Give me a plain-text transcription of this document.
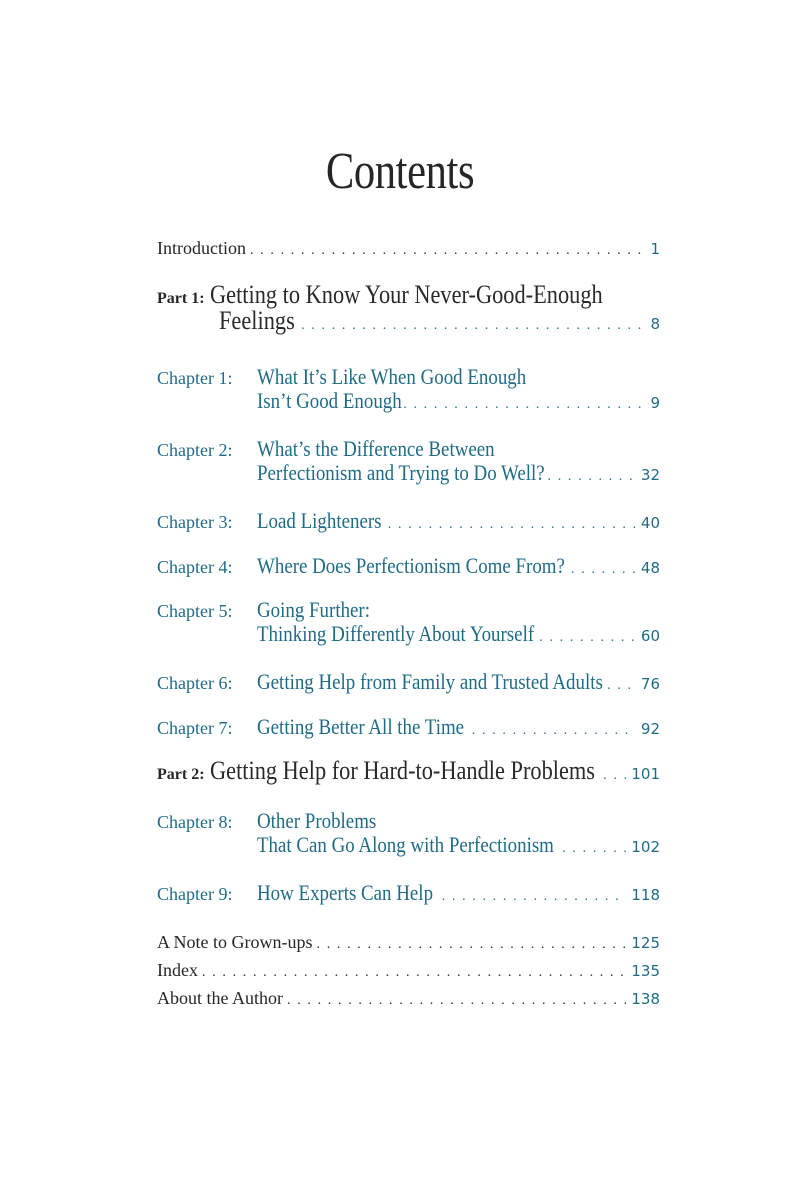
Contents
Introduction . . .	1
Part 1: Getting to Know Your Never-Good-Enough
Feelings . . .	8
Chapter 1:	What It’s Like When Good Enough
Isn’t Good Enough . . .	9
Chapter 2:	What’s the Difference Between
Perfectionism and Trying to Do Well? . . .	32
Chapter 3:	Load Lighteners . . .	40
Chapter 4:	Where Does Perfectionism Come From? . . .	48
Chapter 5:	Going Further:
Thinking Differently About Yourself . . .	60
Chapter 6:	Getting Help from Family and Trusted Adults . . .	76
Chapter 7:	Getting Better All the Time . . .	92
Part 2: Getting Help for Hard-to-Handle Problems . . . 101
Chapter 8:	Other Problems
That Can Go Along with Perfectionism . . .	102
Chapter 9:	How Experts Can Help . . .	118
A Note to Grown-ups . . .	125
Index . . .	135
About the Author . . .	138
